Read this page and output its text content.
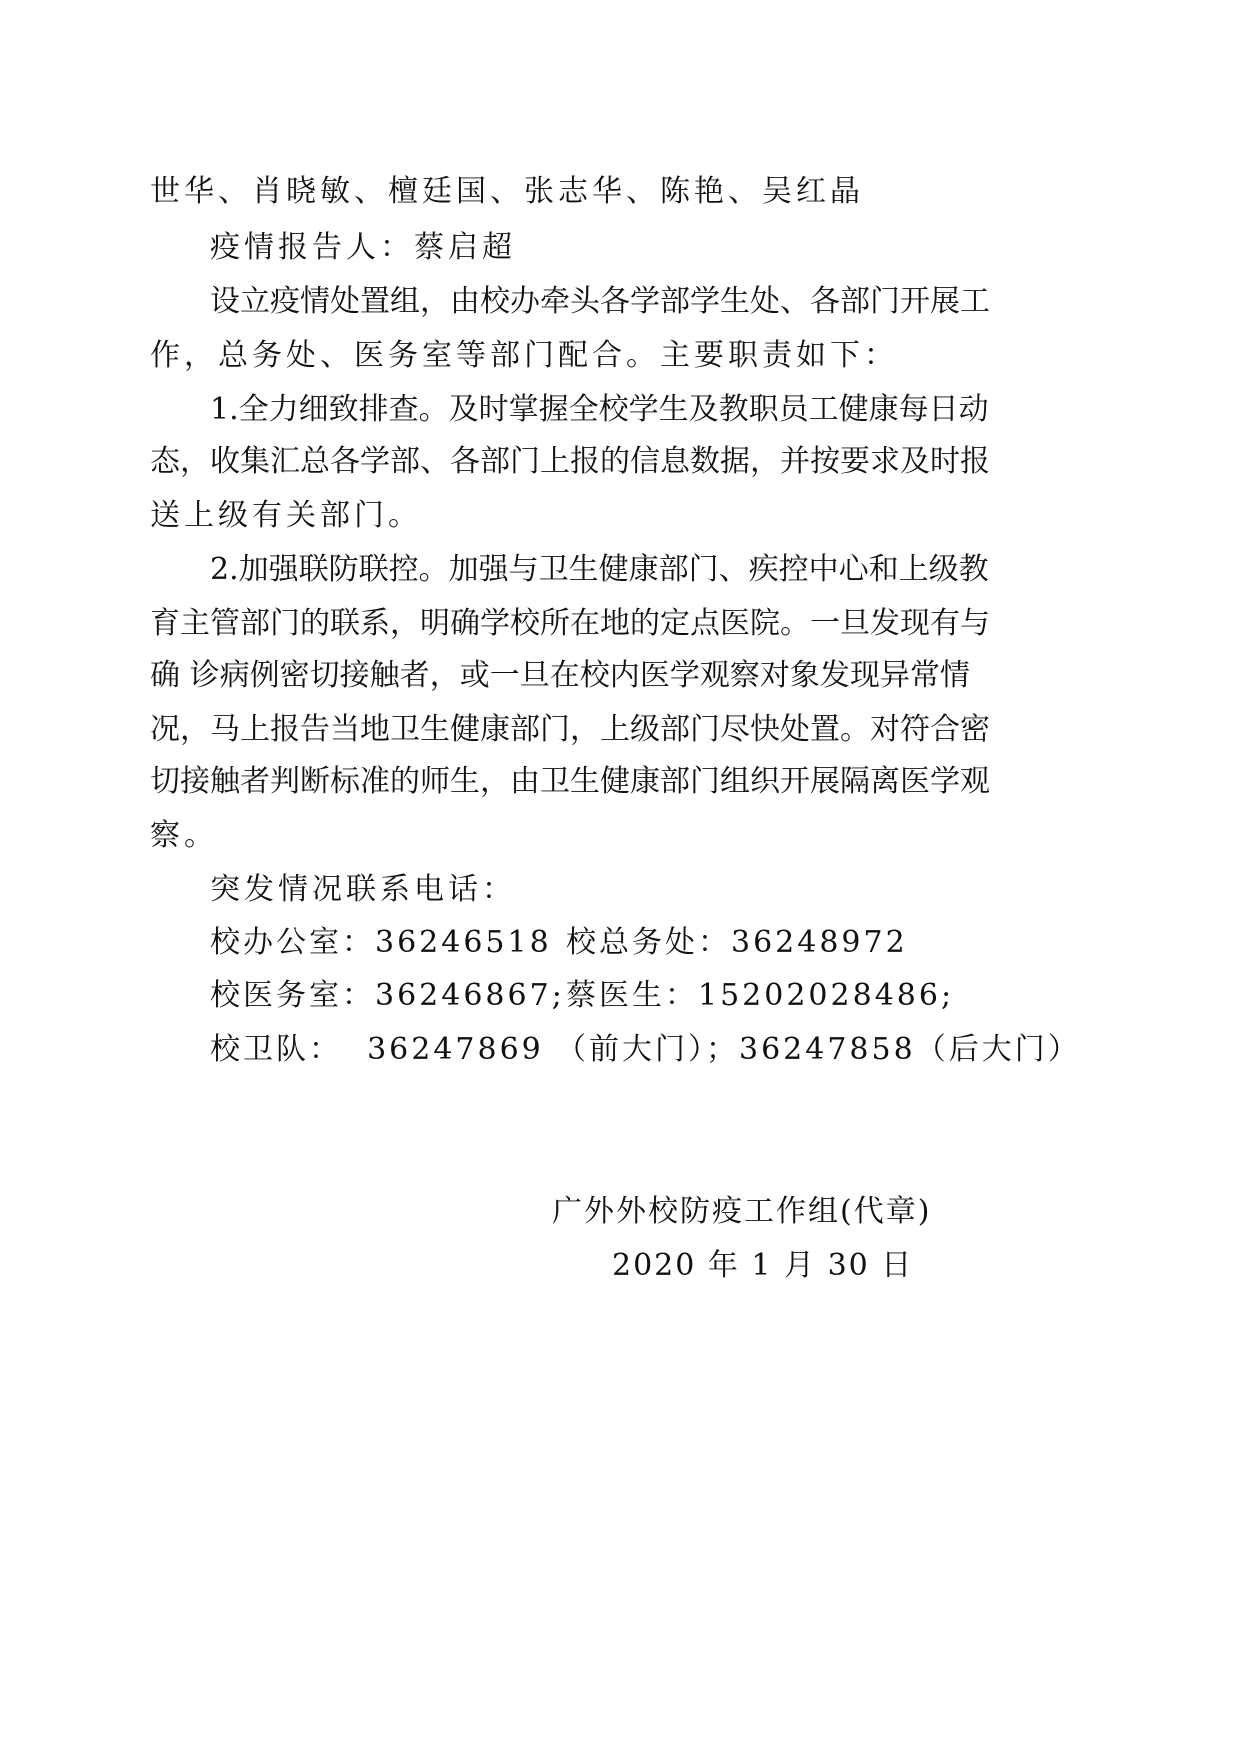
世华、肖晓敏、檀廷国、张志华、陈艳、吴红晶
疫情报告人：蔡启超
设立疫情处置组，由校办牵头各学部学生处、各部门开展工
作，总务处、医务室等部门配合。主要职责如下：
1.全力细致排查。及时掌握全校学生及教职员工健康每日动
态，收集汇总各学部、各部门上报的信息数据，并按要求及时报
送上级有关部门。
2.加强联防联控。加强与卫生健康部门、疾控中心和上级教
育主管部门的联系，明确学校所在地的定点医院。一旦发现有与
确 诊病例密切接触者，或一旦在校内医学观察对象发现异常情
况，马上报告当地卫生健康部门，上级部门尽快处置。对符合密
切接触者判断标准的师生，由卫生健康部门组织开展隔离医学观
察。
突发情况联系电话：
校办公室：36246518 校总务处：36248972
校医务室：36246867; 蔡医生：15202028486;
校卫队：  36247869 （前大门）；36247858（后大门）
广外外校防疫工作组(代章)
2020 年 1 月 30 日
